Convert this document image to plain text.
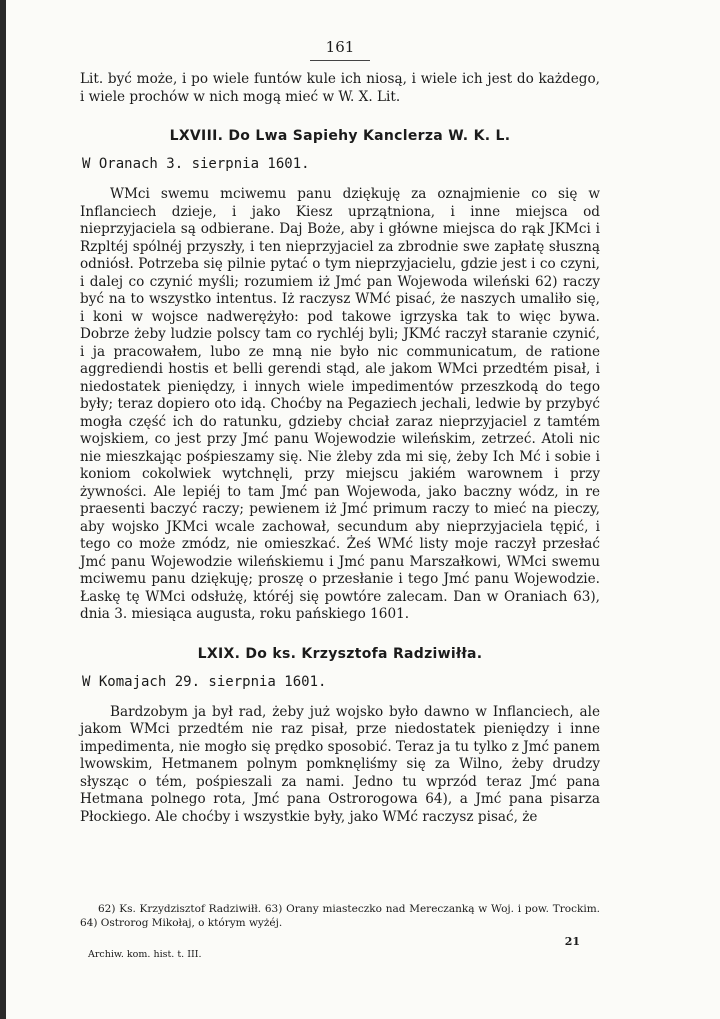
161

Lit. być może, i po wiele funtów kule ich niosą, i wiele ich jest do każdego, i wiele prochów w nich mogą mieć w W. X. Lit.

LXVIII. Do Lwa Sapiehy Kanclerza W. K. L.
W Oranach 3. sierpnia 1601.

WMci swemu mciwemu panu dziękuję za oznajmienie co się w Inflanciech dzieje, i jako Kiesz uprzątniona, i inne miejsca od nieprzyjaciela są odbierane. Daj Boże, aby i główne miejsca do rąk JKMci i Rzpltéj spólnéj przyszły, i ten nieprzyjaciel za zbrodnie swe zapłatę słuszną odniósł. Potrzeba się pilnie pytać o tym nieprzyjacielu, gdzie jest i co czyni, i dalej co czynić myśli; rozumiem iż Jmć pan Wojewoda wileński 62) raczy być na to wszystko intentus. Iż raczysz WMć pisać, że naszych umaliło się, i koni w wojsce nadwerężyło: pod takowe igrzyska tak to więc bywa. Dobrze żeby ludzie polscy tam co rychléj byli; JKMć raczył staranie czynić, i ja pracowałem, lubo ze mną nie było nic communicatum, de ratione aggrediendi hostis et belli gerendi stąd, ale jakom WMci przedtém pisał, i niedostatek pieniędzy, i innych wiele impedimentów przeszkodą do tego były; teraz dopiero oto idą. Choćby na Pegaziech jechali, ledwie by przybyć mogła część ich do ratunku, gdzieby chciał zaraz nieprzyjaciel z tamtém wojskiem, co jest przy Jmć panu Wojewodzie wileńskim, zetrzeć. Atoli nic nie mieszkając pośpieszamy się. Nie żleby zda mi się, żeby Ich Mć i sobie i koniom cokolwiek wytchnęli, przy miejscu jakiém warownem i przy żywności. Ale lepiéj to tam Jmć pan Wojewoda, jako baczny wódz, in re praesenti baczyć raczy; pewienem iż Jmć primum raczy to mieć na pieczy, aby wojsko JKMci wcale zachował, secundum aby nieprzyjaciela tępić, i tego co może zmódz, nie omieszkać. Żeś WMć listy moje raczył przesłać Jmć panu Wojewodzie wileńskiemu i Jmć panu Marszałkowi, WMci swemu mciwemu panu dziękuję; proszę o przesłanie i tego Jmć panu Wojewodzie. Łaskę tę WMci odsłużę, któréj się powtóre zalecam. Dan w Oraniach 63), dnia 3. miesiąca augusta, roku pańskiego 1601.

LXIX. Do ks. Krzysztofa Radziwiłła.
W Komajach 29. sierpnia 1601.

Bardzobym ja był rad, żeby już wojsko było dawno w Inflanciech, ale jakom WMci przedtém nie raz pisał, prze niedostatek pieniędzy i inne impedimenta, nie mogło się prędko sposobić. Teraz ja tu tylko z Jmć panem lwowskim, Hetmanem polnym pomknęliśmy się za Wilno, żeby drudzy słysząc o tém, pośpieszali za nami. Jedno tu wprzód teraz Jmć pana Hetmana polnego rota, Jmć pana Ostrorogowa 64), a Jmć pana pisarza Płockiego. Ale choćby i wszystkie były, jako WMć raczysz pisać, że

62) Ks. Krzydzisztof Radziwiłł. 63) Orany miasteczko nad Mereczanką w Woj. i pow. Trockim. 64) Ostrorog Mikołaj, o którym wyżéj.

Archiw. kom. hist. t. III.
21
